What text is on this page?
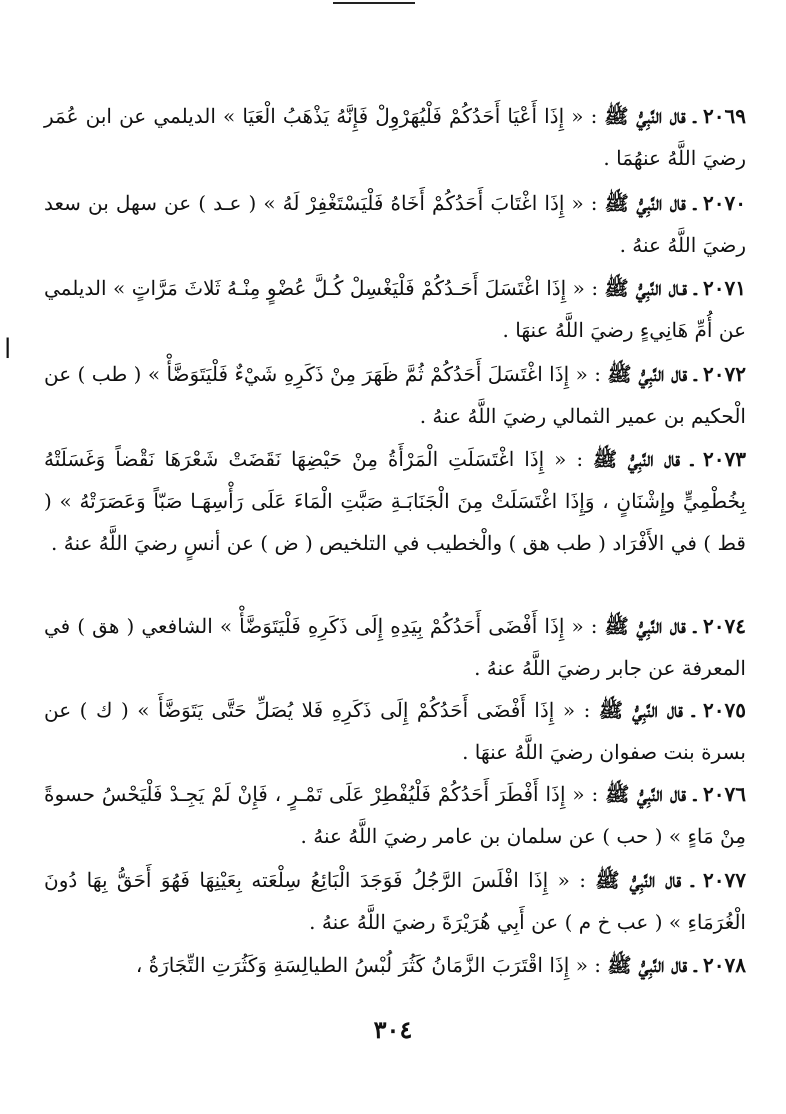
|

٢٠٦٩ ـ قال النَّبِيُّ ﷺ : « إِذَا أَعْيَا أَحَدُكُمْ فَلْيُهَرْوِلْ فَإِنَّهُ يَذْهَبُ الْعَيَا » الديلمي عن ابن عُمَر رضيَ اللَّهُ عنهُمَا .

٢٠٧٠ ـ قال النَّبِيُّ ﷺ : « إِذَا اغْتَابَ أَحَدُكُمْ أَخَاهُ فَلْيَسْتَغْفِرْ لَهُ » ( عـد ) عن سهل بن سعد رضيَ اللَّهُ عنهُ .

٢٠٧١ ـ قـال النَّبِيُّ ﷺ : « إِذَا اغْتَسَلَ أَحَـدُكُمْ فَلْيَغْسِلْ كُـلَّ عُضْوٍ مِنْـهُ ثَلاثَ مَرَّاتٍ » الديلمي عن أُمِّ هَانِيءٍ رضيَ اللَّهُ عنهَا .

٢٠٧٢ ـ قال النَّبِيُّ ﷺ : « إِذَا اغْتَسَلَ أَحَدُكُمْ ثُمَّ ظَهَرَ مِنْ ذَكَرِهِ شَيْءٌ فَلْيَتَوَضَّأْ » ( طب ) عن الْحكيم بن عمير الثمالي رضيَ اللَّهُ عنهُ .

٢٠٧٣ ـ قال النَّبِيُّ ﷺ : « إِذَا اغْتَسَلَتِ الْمَرْأَةُ مِنْ حَيْضِهَا نَقَضَتْ شَعْرَهَا نَقْضاً وَغَسَلَتْهُ بِخُطْمِيٍّ وإِشْنَانٍ ، وَإِذَا اغْتَسَلَتْ مِنَ الْجَنَابَـةِ صَبَّتِ الْمَاءَ عَلَى رَأْسِهَـا صَبّاً وَعَصَرَتْهُ » ( قط ) في الأَفْرَاد ( طب هق ) والْخطيب في التلخيص ( ض ) عن أنسٍ رضيَ اللَّهُ عنهُ .

٢٠٧٤ ـ قال النَّبِيُّ ﷺ : « إِذَا أَفْضَى أَحَدُكُمْ بِيَدِهِ إِلَى ذَكَرِهِ فَلْيَتَوَضَّأْ » الشافعي ( هق ) في المعرفة عن جابر رضيَ اللَّهُ عنهُ .

٢٠٧٥ ـ قال النَّبِيُّ ﷺ : « إِذَا أَفْضَى أَحَدُكُمْ إِلَى ذَكَرِهِ فَلا يُصَلِّ حَتَّى يَتَوَضَّأَ » ( ك ) عن بسرة بنت صفوان رضيَ اللَّهُ عنهَا .

٢٠٧٦ ـ قال النَّبِيُّ ﷺ : « إِذَا أَفْطَرَ أَحَدُكُمْ فَلْيُفْطِرْ عَلَى تَمْـرٍ ، فَإِنْ لَمْ يَجِـدْ فَلْيَحْسُ حسوةً مِنْ مَاءٍ » ( حب ) عن سلمان بن عامر رضيَ اللَّهُ عنهُ .

٢٠٧٧ ـ قال النَّبِيُّ ﷺ : « إِذَا افْلَسَ الرَّجُلُ فَوَجَدَ الْبَائِعُ سِلْعَته بِعَيْنِهَا فَهُوَ أَحَقُّ بِهَا دُونَ الْغُرَمَاءِ » ( عب خ م ) عن أَبِي هُرَيْرَةَ رضيَ اللَّهُ عنهُ .

٢٠٧٨ ـ قال النَّبِيُّ ﷺ : « إِذَا اقْتَرَبَ الزَّمَانُ كَثُرَ لُبْسُ الطيالِسَةِ وَكَثُرَتِ التِّجَارَةُ ،

٣٠٤
